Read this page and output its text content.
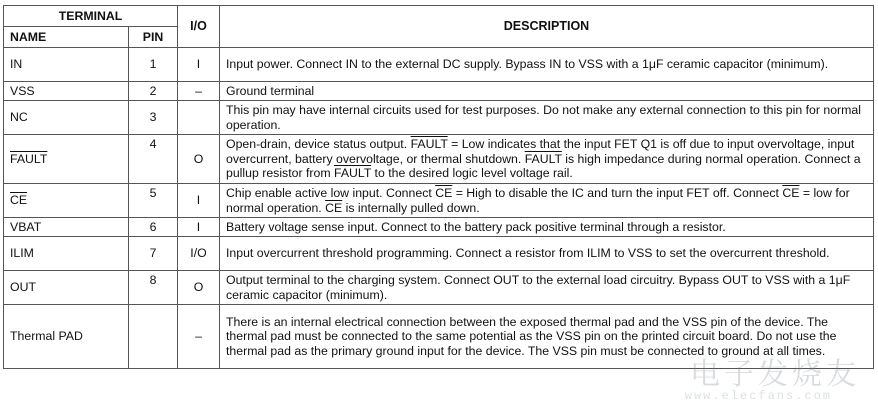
TERMINAL		I/O	DESCRIPTION
NAME	PIN		
IN	1	I	Input power. Connect IN to the external DC supply. Bypass IN to VSS with a 1μF ceramic capacitor (minimum).
VSS	2	–	Ground terminal
NC	3		This pin may have internal circuits used for test purposes. Do not make any external connection to this pin for normal operation.
FAULT	4	O	Open-drain, device status output. FAULT = Low indicates that the input FET Q1 is off due to input overvoltage, input overcurrent, battery overvoltage, or thermal shutdown. FAULT is high impedance during normal operation. Connect a pullup resistor from FAULT to the desired logic level voltage rail.
$\overline{CE}$	5	I	Chip enable active low input. Connect $\overline{CE}$ = High to disable the IC and turn the input FET off. Connect $\overline{CE}$ = low for normal operation. $\overline{CE}$ is internally pulled down.
VBAT	6	I	Battery voltage sense input. Connect to the battery pack positive terminal through a resistor.
ILIM	7	I/O	Input overcurrent threshold programming. Connect a resistor from ILIM to VSS to set the overcurrent threshold.
OUT	8	O	Output terminal to the charging system. Connect OUT to the external load circuitry. Bypass OUT to VSS with a 1μF ceramic capacitor (minimum).
Thermal PAD		–	There is an internal electrical connection between the exposed thermal pad and the VSS pin of the device. The thermal pad must be connected to the same potential as the VSS pin on the printed circuit board. Do not use the thermal pad as the primary ground input for the device. The VSS pin must be connected to ground at all times.
电子发烧友
www.elecfans.com
